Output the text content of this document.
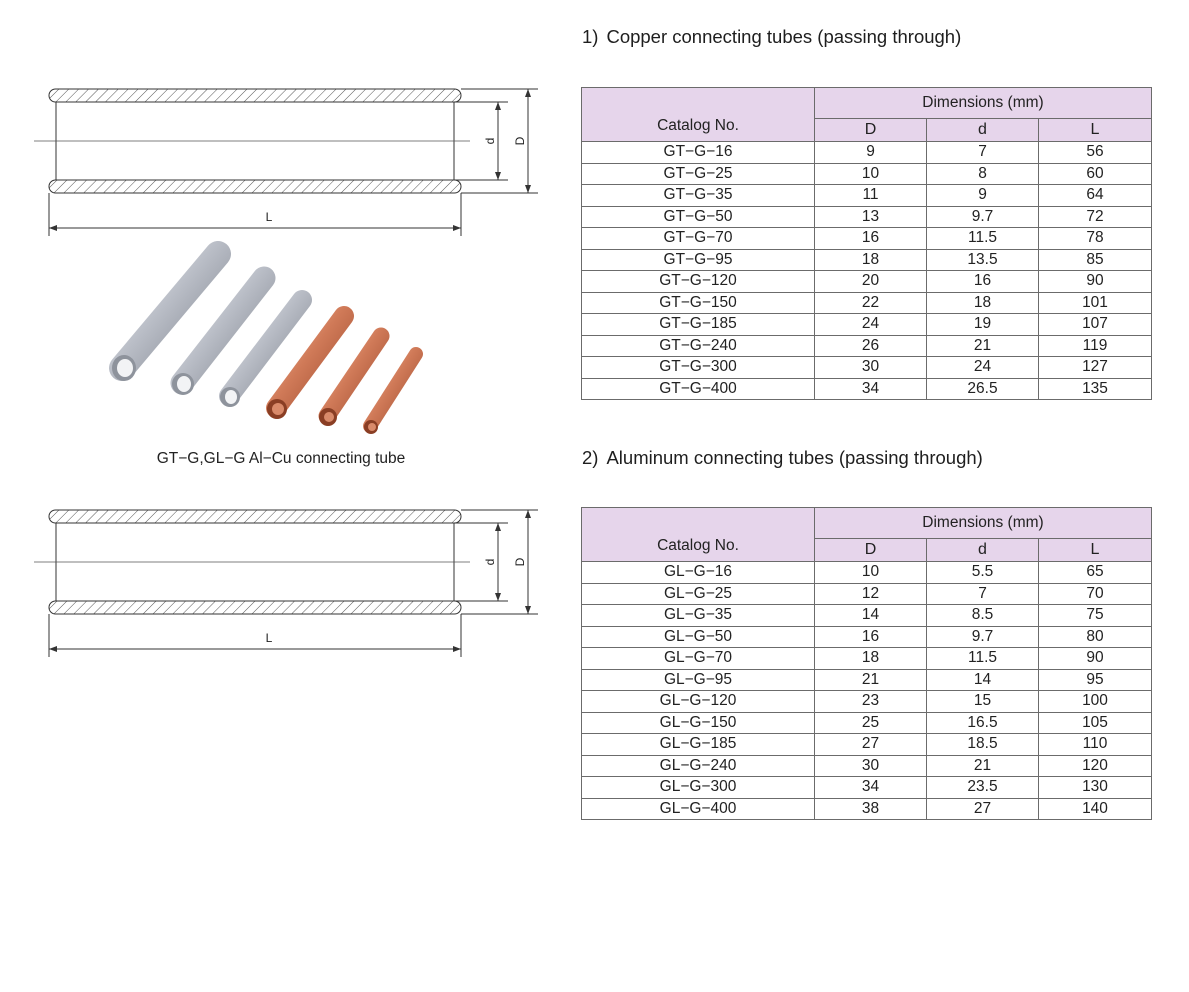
1) Copper connecting tubes (passing through)
Catalog No.	Dimensions (mm)		
	D	d	L
GT−G−16	9	7	56
GT−G−25	10	8	60
GT−G−35	11	9	64
GT−G−50	13	9.7	72
GT−G−70	16	11.5	78
GT−G−95	18	13.5	85
GT−G−120	20	16	90
GT−G−150	22	18	101
GT−G−185	24	19	107
GT−G−240	26	21	119
GT−G−300	30	24	127
GT−G−400	34	26.5	135
2) Aluminum connecting tubes (passing through)
Catalog No.	Dimensions (mm)		
	D	d	L
GL−G−16	10	5.5	65
GL−G−25	12	7	70
GL−G−35	14	8.5	75
GL−G−50	16	9.7	80
GL−G−70	18	11.5	90
GL−G−95	21	14	95
GL−G−120	23	15	100
GL−G−150	25	16.5	105
GL−G−185	27	18.5	110
GL−G−240	30	21	120
GL−G−300	34	23.5	130
GL−G−400	38	27	140
d D
L
GT−G,GL−G Al−Cu connecting tube
d D
L
